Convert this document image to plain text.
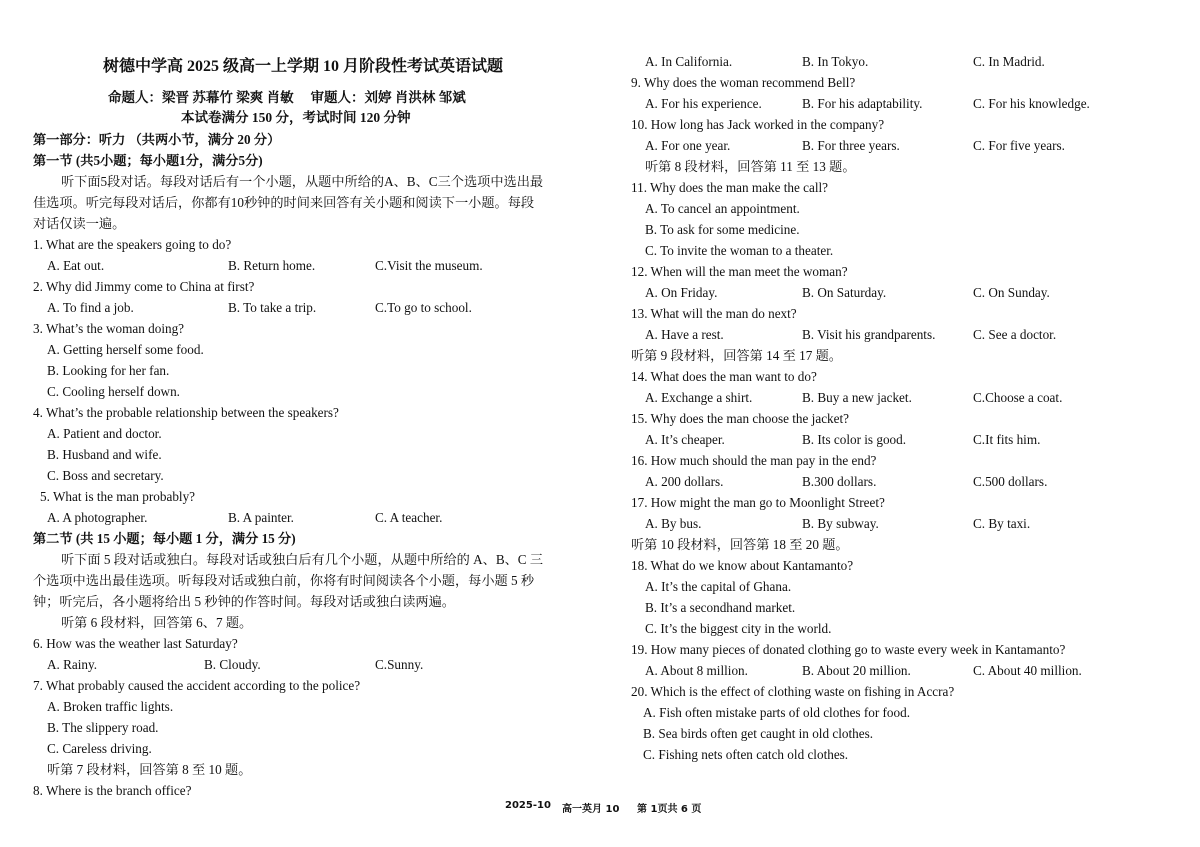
树德中学高 2025 级高一上学期 10 月阶段性考试英语试题
命题人：梁晋 苏幕竹 梁爽 肖敏　 审题人：刘婷 肖洪林 邹斌
本试卷满分 150 分，考试时间 120 分钟
第一部分：听力 （共两小节，满分 20 分）
第一节 (共5小题；每小题1分，满分5分)
听下面5段对话。每段对话后有一个小题，从题中所给的A、B、C三个选项中选出最
佳选项。听完每段对话后，你都有10秒钟的时间来回答有关小题和阅读下一小题。每段
对话仅读一遍。
1. What are the speakers going to do?
A. Eat out.	B. Return home.	C.Visit the museum.
2. Why did Jimmy come to China at first?
A. To find a job.	B. To take a trip.	C.To go to school.
3. What’s the woman doing?
A. Getting herself some food.
B. Looking for her fan.
C. Cooling herself down.
4. What’s the probable relationship between the speakers?
A. Patient and doctor.
B. Husband and wife.
C. Boss and secretary.
5. What is the man probably?
A. A photographer.	B. A painter.	C. A teacher.
第二节 (共 15 小题；每小题 1 分，满分 15 分)
听下面 5 段对话或独白。每段对话或独白后有几个小题，从题中所给的 A、B、C 三
个选项中选出最佳选项。听每段对话或独白前，你将有时间阅读各个小题，每小题 5 秒
钟；听完后，各小题将给出 5 秒钟的作答时间。每段对话或独白读两遍。
听第 6 段材料，回答第 6、7 题。
6. How was the weather last Saturday?
A. Rainy.	B. Cloudy.	C.Sunny.
7. What probably caused the accident according to the police?
A. Broken traffic lights.
B. The slippery road.
C. Careless driving.
听第 7 段材料，回答第 8 至 10 题。
8. Where is the branch office?
A. In California.	B. In Tokyo.	C. In Madrid.
9. Why does the woman recommend Bell?
A. For his experience.	B. For his adaptability.	C. For his knowledge.
10. How long has Jack worked in the company?
A. For one year.	B. For three years.	C. For five years.
听第 8 段材料，回答第 11 至 13 题。
11. Why does the man make the call?
A. To cancel an appointment.
B. To ask for some medicine.
C. To invite the woman to a theater.
12. When will the man meet the woman?
A. On Friday.	B. On Saturday.	C. On Sunday.
13. What will the man do next?
A. Have a rest.	B. Visit his grandparents.	C. See a doctor.
听第 9 段材料，回答第 14 至 17 题。
14. What does the man want to do?
A. Exchange a shirt.	B. Buy a new jacket.	C.Choose a coat.
15. Why does the man choose the jacket?
A. It’s cheaper.	B. Its color is good.	C.It fits him.
16. How much should the man pay in the end?
A. 200 dollars.	B.300 dollars.	C.500 dollars.
17. How might the man go to Moonlight Street?
A. By bus.	B. By subway.	C. By taxi.
听第 10 段材料，回答第 18 至 20 题。
18. What do we know about Kantamanto?
A. It’s the capital of Ghana.
B. It’s a secondhand market.
C. It’s the biggest city in the world.
19. How many pieces of donated clothing go to waste every week in Kantamanto?
A. About 8 million.	B. About 20 million.	C. About 40 million.
20. Which is the effect of clothing waste on fishing in Accra?
A. Fish often mistake parts of old clothes for food.
B. Sea birds often get caught in old clothes.
C. Fishing nets often catch old clothes.
2025-10 高一英月 10 第 1页共 6 页
